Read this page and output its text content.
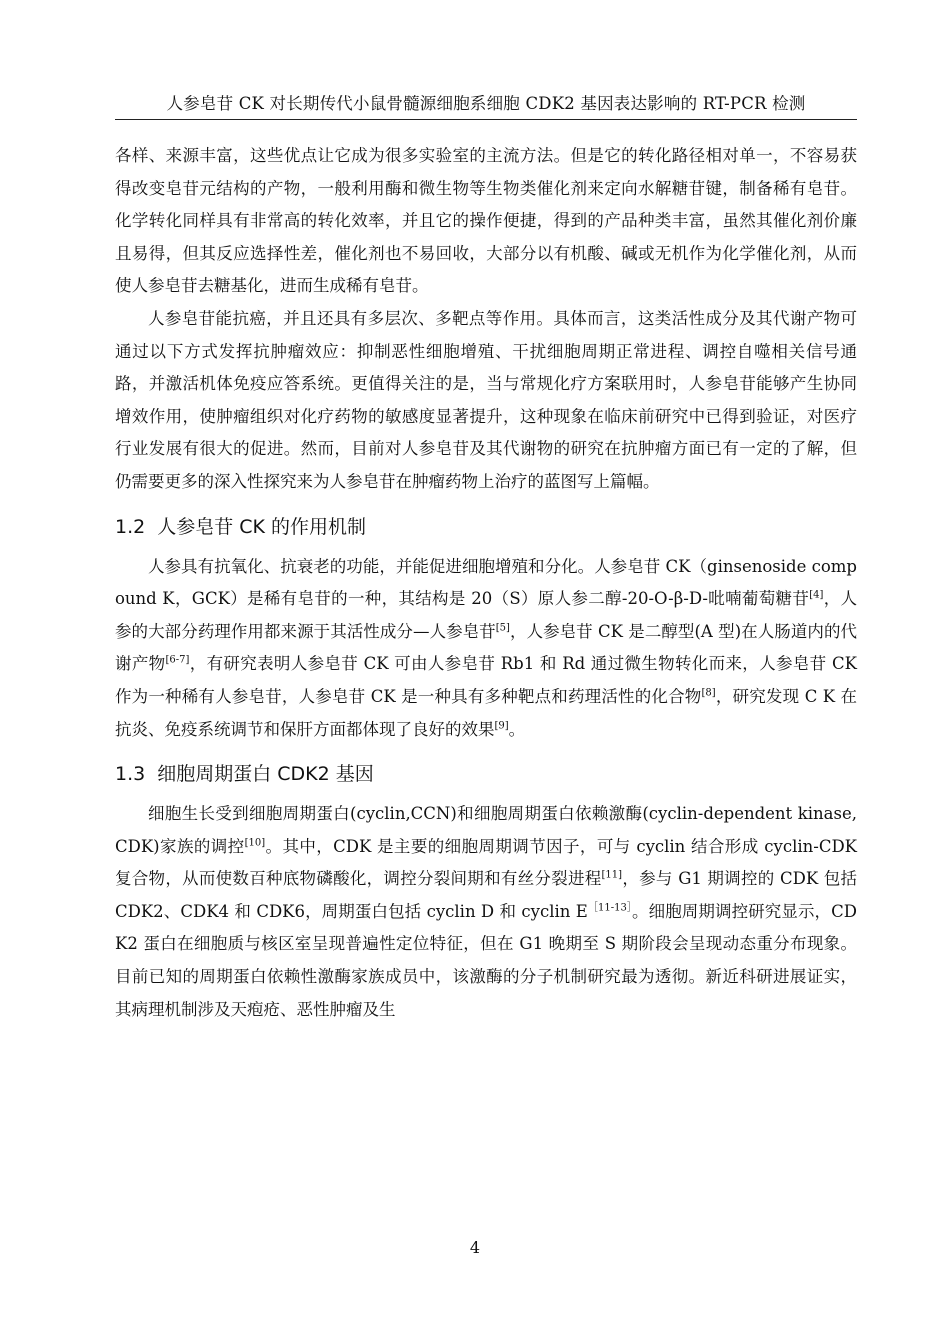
人参皂苷 CK 对长期传代小鼠骨髓源细胞系细胞 CDK2 基因表达影响的 RT-PCR 检测

各样、来源丰富，这些优点让它成为很多实验室的主流方法。但是它的转化路径相对单一，不容易获得改变皂苷元结构的产物，一般利用酶和微生物等生物类催化剂来定向水解糖苷键，制备稀有皂苷。化学转化同样具有非常高的转化效率，并且它的操作便捷，得到的产品种类丰富，虽然其催化剂价廉且易得，但其反应选择性差，催化剂也不易回收，大部分以有机酸、碱或无机作为化学催化剂，从而使人参皂苷去糖基化，进而生成稀有皂苷。

人参皂苷能抗癌，并且还具有多层次、多靶点等作用。具体而言，这类活性成分及其代谢产物可通过以下方式发挥抗肿瘤效应：抑制恶性细胞增殖、干扰细胞周期正常进程、调控自噬相关信号通路，并激活机体免疫应答系统。更值得关注的是，当与常规化疗方案联用时，人参皂苷能够产生协同增效作用，使肿瘤组织对化疗药物的敏感度显著提升，这种现象在临床前研究中已得到验证，对医疗行业发展有很大的促进。然而，目前对人参皂苷及其代谢物的研究在抗肿瘤方面已有一定的了解，但仍需要更多的深入性探究来为人参皂苷在肿瘤药物上治疗的蓝图写上篇幅。

1.2 人参皂苷 CK 的作用机制

人参具有抗氧化、抗衰老的功能，并能促进细胞增殖和分化。人参皂苷 CK（ginsenoside compound K，GCK）是稀有皂苷的一种，其结构是 20（S）原人参二醇-20-O-β-D-吡喃葡萄糖苷[4]，人参的大部分药理作用都来源于其活性成分—人参皂苷[5]，人参皂苷 CK 是二醇型(A 型)在人肠道内的代谢产物[6-7]，有研究表明人参皂苷 CK 可由人参皂苷 Rb1 和 Rd 通过微生物转化而来，人参皂苷 CK 作为一种稀有人参皂苷，人参皂苷 CK 是一种具有多种靶点和药理活性的化合物[8]，研究发现 C K 在抗炎、免疫系统调节和保肝方面都体现了良好的效果[9]。

1.3 细胞周期蛋白 CDK2 基因

细胞生长受到细胞周期蛋白(cyclin,CCN)和细胞周期蛋白依赖激酶(cyclin-dependent kinase,CDK)家族的调控[10]。其中，CDK 是主要的细胞周期调节因子，可与 cyclin 结合形成 cyclin-CDK 复合物，从而使数百种底物磷酸化，调控分裂间期和有丝分裂进程[11]，参与 G1 期调控的 CDK 包括 CDK2、CDK4 和 CDK6，周期蛋白包括 cyclin D 和 cyclin E$^{[11-13]}$。细胞周期调控研究显示，CDK2 蛋白在细胞质与核区室呈现普遍性定位特征，但在 G1 晚期至 S 期阶段会呈现动态重分布现象。目前已知的周期蛋白依赖性激酶家族成员中，该激酶的分子机制研究最为透彻。新近科研进展证实，其病理机制涉及天疱疮、恶性肿瘤及生

4
